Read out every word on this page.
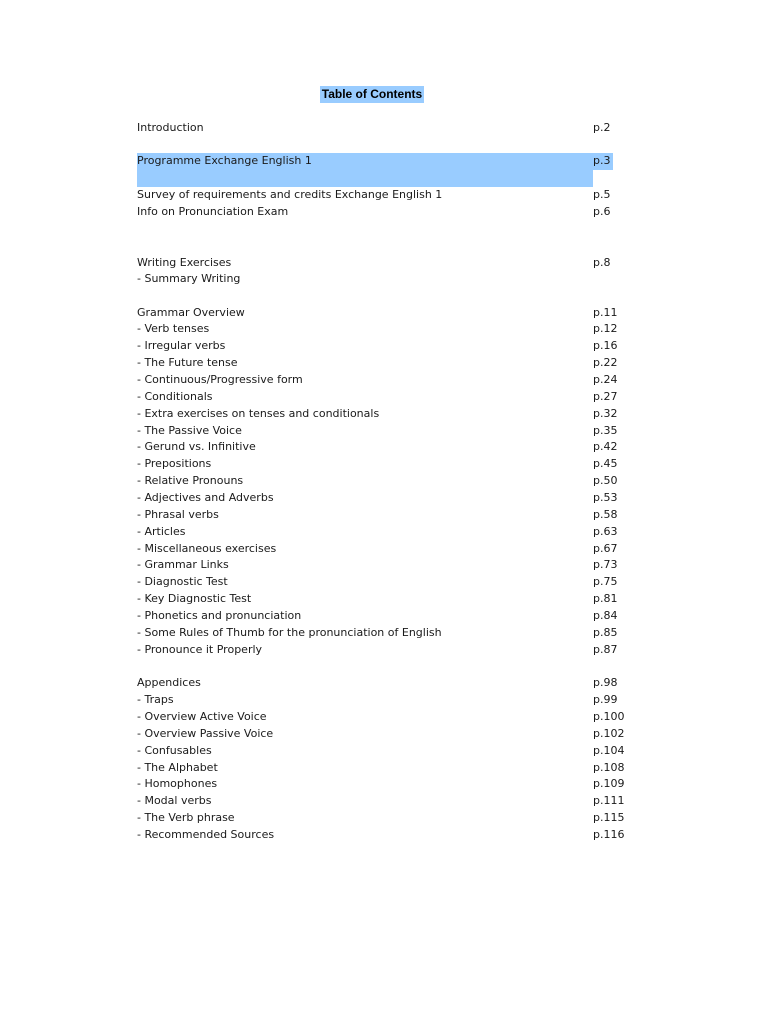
Table of Contents
Introduction	p.2
Programme Exchange English 1	p.3
Survey of requirements and credits Exchange English 1	p.5
Info on Pronunciation Exam	p.6
Writing Exercises	p.8
- Summary Writing
Grammar Overview	p.11
- Verb tenses	p.12
- Irregular verbs	p.16
- The Future tense	p.22
- Continuous/Progressive form	p.24
- Conditionals	p.27
- Extra exercises on tenses and conditionals	p.32
- The Passive Voice	p.35
- Gerund vs. Infinitive	p.42
- Prepositions	p.45
- Relative Pronouns	p.50
- Adjectives and Adverbs	p.53
- Phrasal verbs	p.58
- Articles	p.63
- Miscellaneous exercises	p.67
- Grammar Links	p.73
- Diagnostic Test	p.75
- Key Diagnostic Test	p.81
- Phonetics and pronunciation	p.84
- Some Rules of Thumb for the pronunciation of English	p.85
- Pronounce it Properly	p.87
Appendices	p.98
- Traps	p.99
- Overview Active Voice	p.100
- Overview Passive Voice	p.102
- Confusables	p.104
- The Alphabet	p.108
- Homophones	p.109
- Modal verbs	p.111
- The Verb phrase	p.115
- Recommended Sources	p.116
